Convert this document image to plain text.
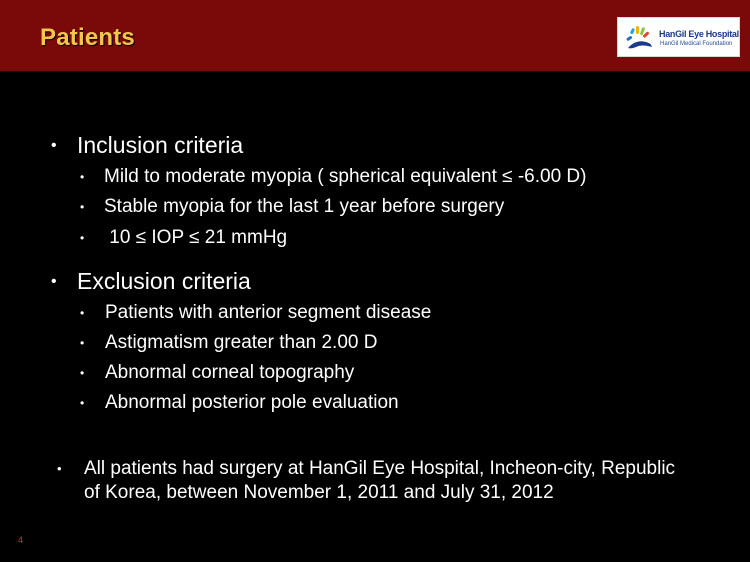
Patients	HanGil Eye Hospital
HanGil Medical Foundation
• Inclusion criteria
• Mild to moderate myopia ( spherical equivalent ≤ -6.00 D)
• Stable myopia for the last 1 year before surgery
• 10 ≤ IOP ≤ 21 mmHg
• Exclusion criteria
• Patients with anterior segment disease
• Astigmatism greater than 2.00 D
• Abnormal corneal topography
• Abnormal posterior pole evaluation
• All patients had surgery at HanGil Eye Hospital, Incheon-city, Republic of Korea, between November 1, 2011 and July 31, 2012
4
